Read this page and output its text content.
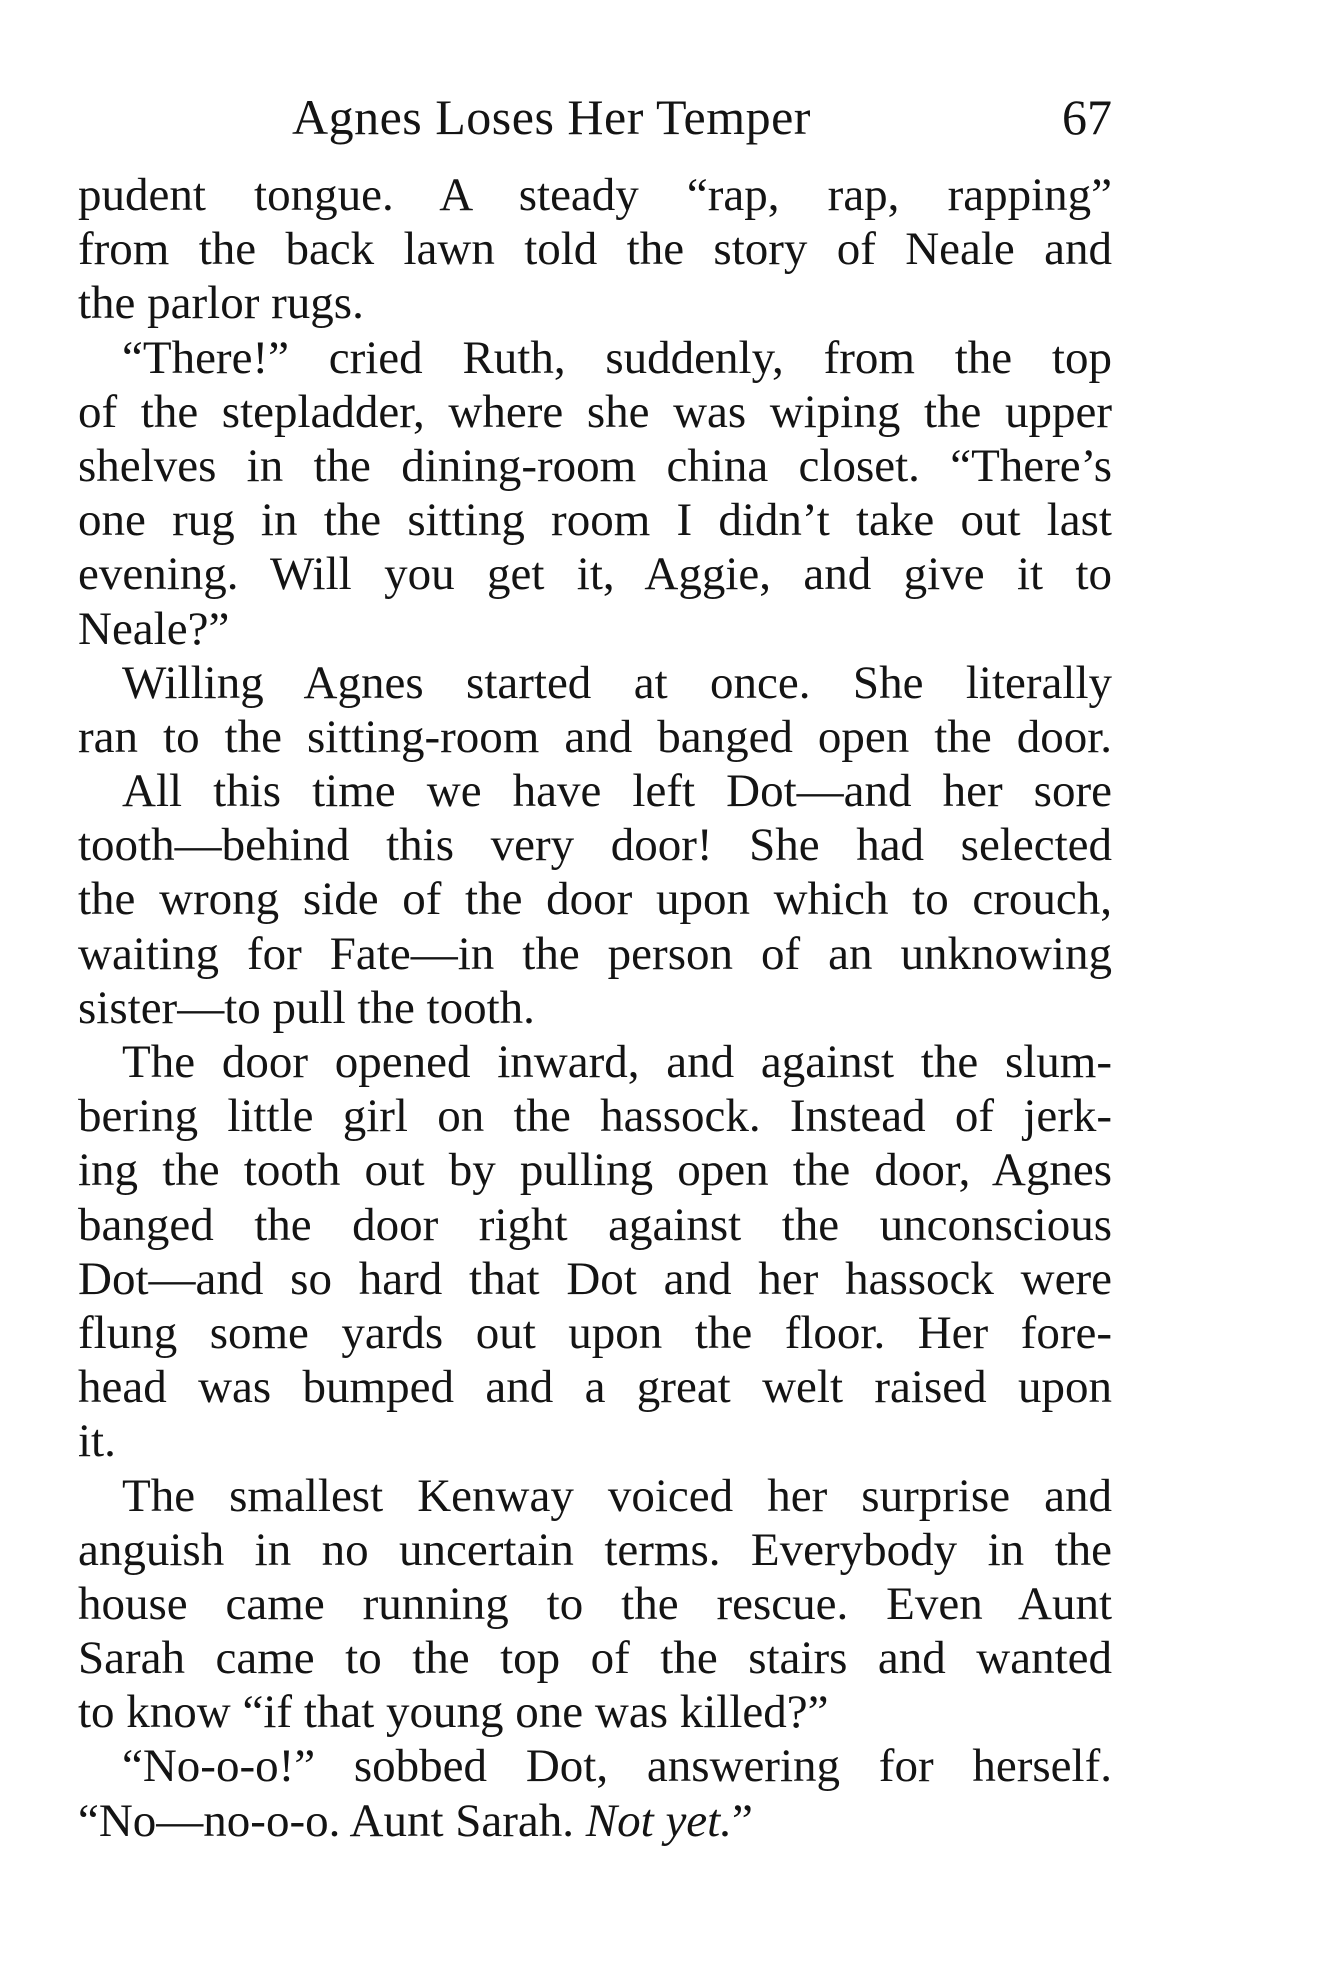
Agnes Loses Her Temper	67
pudent tongue. A steady “rap, rap, rapping”
from the back lawn told the story of Neale and
the parlor rugs.
“There!” cried Ruth, suddenly, from the top
of the stepladder, where she was wiping the upper
shelves in the dining-room china closet. “There’s
one rug in the sitting room I didn’t take out last
evening. Will you get it, Aggie, and give it to
Neale?”
Willing Agnes started at once. She literally
ran to the sitting-room and banged open the door.
All this time we have left Dot—and her sore
tooth—behind this very door! She had selected
the wrong side of the door upon which to crouch,
waiting for Fate—in the person of an unknowing
sister—to pull the tooth.
The door opened inward, and against the slum-
bering little girl on the hassock. Instead of jerk-
ing the tooth out by pulling open the door, Agnes
banged the door right against the unconscious
Dot—and so hard that Dot and her hassock were
flung some yards out upon the floor. Her fore-
head was bumped and a great welt raised upon
it.
The smallest Kenway voiced her surprise and
anguish in no uncertain terms. Everybody in the
house came running to the rescue. Even Aunt
Sarah came to the top of the stairs and wanted
to know “if that young one was killed?”
“No-o-o!” sobbed Dot, answering for herself.
“No—no-o-o. Aunt Sarah. Not yet.”
